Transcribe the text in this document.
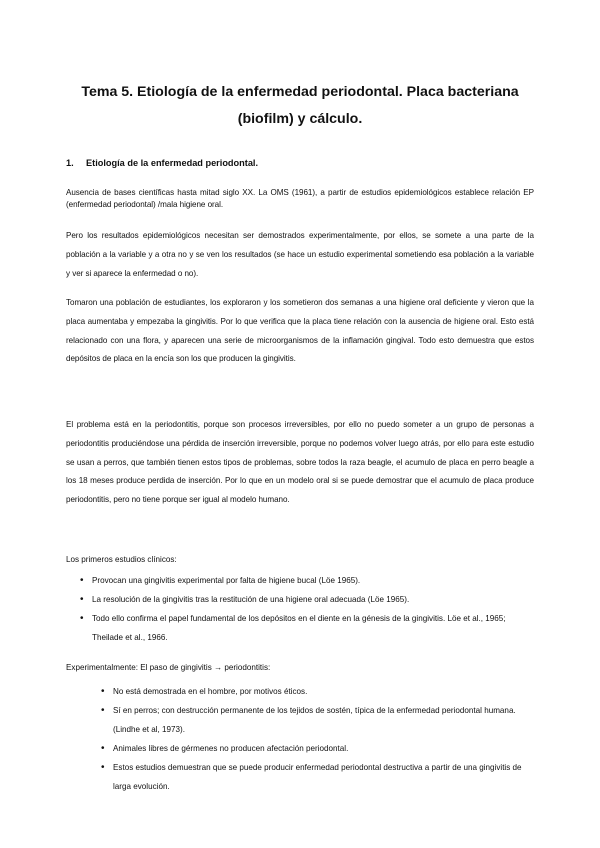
Tema 5. Etiología de la enfermedad periodontal. Placa bacteriana
(biofilm) y cálculo.
1. Etiología de la enfermedad periodontal.
Ausencia de bases científicas hasta mitad siglo XX. La OMS (1961), a partir de estudios epidemiológicos establece relación EP (enfermedad periodontal) /mala higiene oral.
Pero los resultados epidemiológicos necesitan ser demostrados experimentalmente, por ellos, se somete a una parte de la población a la variable y a otra no y se ven los resultados (se hace un estudio experimental sometiendo esa población a la variable y ver si aparece la enfermedad o no).
Tomaron una población de estudiantes, los exploraron y los sometieron dos semanas a una higiene oral deficiente y vieron que la placa aumentaba y empezaba la gingivitis. Por lo que verifica que la placa tiene relación con la ausencia de higiene oral. Esto está relacionado con una flora, y aparecen una serie de microorganismos de la inflamación gingival. Todo esto demuestra que estos depósitos de placa en la encía son los que producen la gingivitis.
El problema está en la periodontitis, porque son procesos irreversibles, por ello no puedo someter a un grupo de personas a periodontitis produciéndose una pérdida de inserción irreversible, porque no podemos volver luego atrás, por ello para este estudio se usan a perros, que también tienen estos tipos de problemas, sobre todos la raza beagle, el acumulo de placa en perro beagle a los 18 meses produce perdida de inserción. Por lo que en un modelo oral si se puede demostrar que el acumulo de placa produce periodontitis, pero no tiene porque ser igual al modelo humano.
Los primeros estudios clínicos:
• Provocan una gingivitis experimental por falta de higiene bucal (Löe 1965).
• La resolución de la gingivitis tras la restitución de una higiene oral adecuada (Löe 1965).
• Todo ello confirma el papel fundamental de los depósitos en el diente en la génesis de la gingivitis. Löe et al., 1965; Theilade et al., 1966.
Experimentalmente: El paso de gingivitis → periodontitis:
• No está demostrada en el hombre, por motivos éticos.
• Sí en perros; con destrucción permanente de los tejidos de sostén, típica de la enfermedad periodontal humana. (Lindhe et al, 1973).
• Animales libres de gérmenes no producen afectación periodontal.
• Estos estudios demuestran que se puede producir enfermedad periodontal destructiva a partir de una gingivitis de larga evolución.
